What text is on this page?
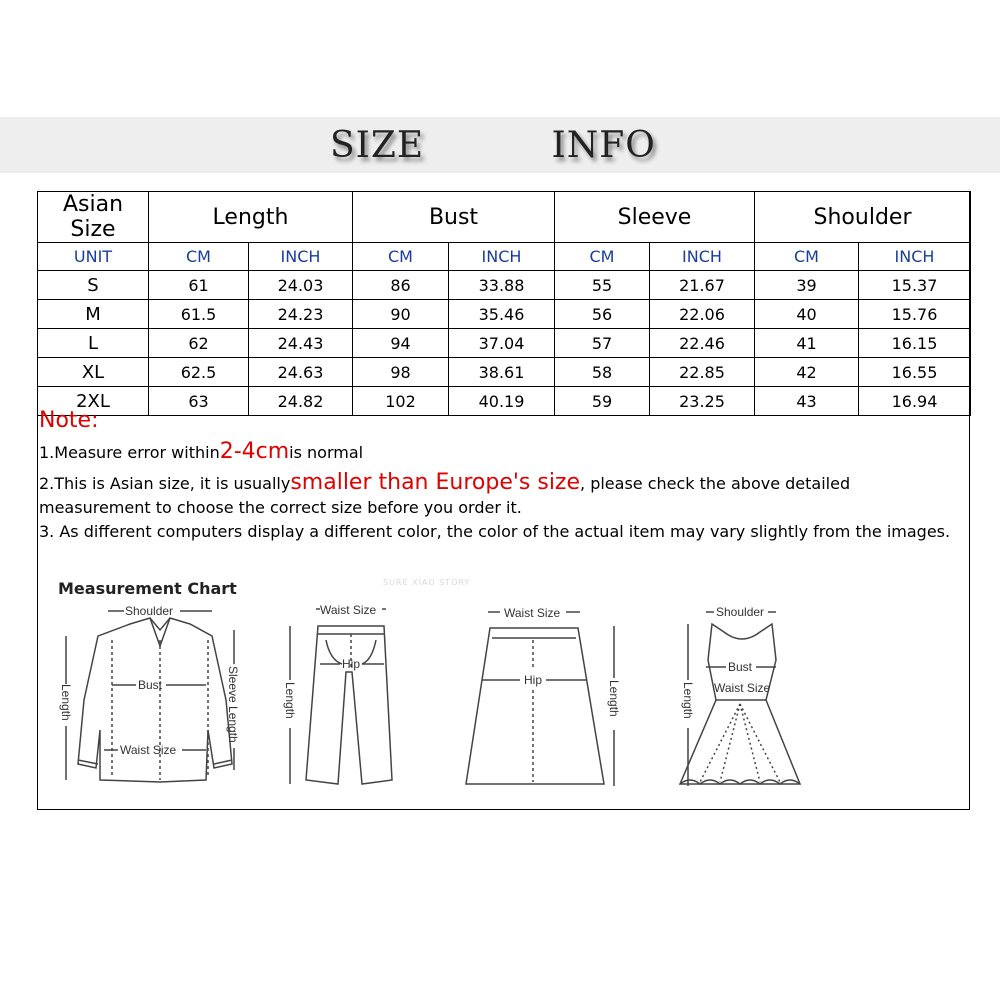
SIZE   INFO
Asian Size	Length		Bust		Sleeve		Shoulder	
UNIT	CM	INCH	CM	INCH	CM	INCH	CM	INCH
S	61	24.03	86	33.88	55	21.67	39	15.37
M	61.5	24.23	90	35.46	56	22.06	40	15.76
L	62	24.43	94	37.04	57	22.46	41	16.15
XL	62.5	24.63	98	38.61	58	22.85	42	16.55
2XL	63	24.82	102	40.19	59	23.25	43	16.94
Note:
1.Measure error within2-4cmis normal
2.This is Asian size, it is usuallysmaller than Europe's size, please check the above detailed measurement to choose the correct size before you order it.
3. As different computers display a different color, the color of the actual item may vary slightly from the images.
Measurement Chart	SURE XIAO STORY
Shoulder
Bust
Waist Size
Length	Sleeve Length
Waist Size
Hip
Length
Waist Size
Hip	Length
Shoulder
Bust
Waist Size
Length
